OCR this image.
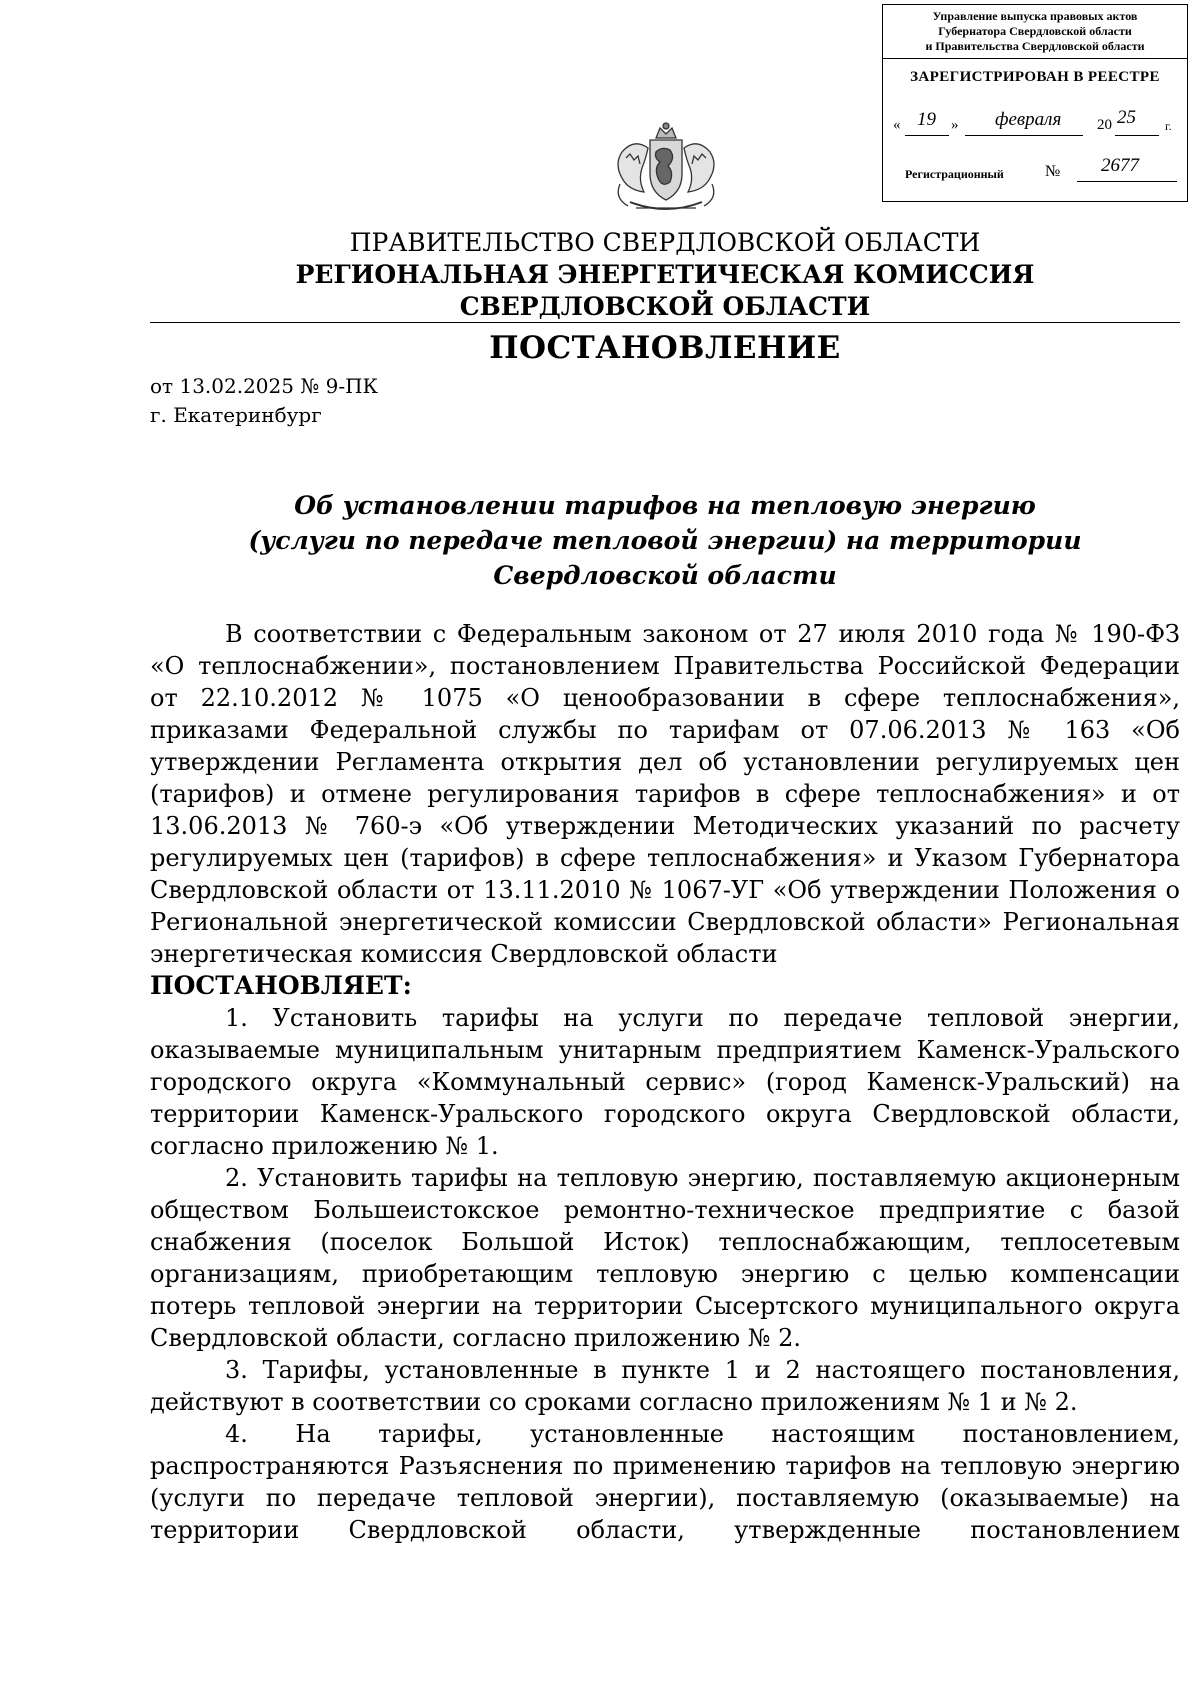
Управление выпуска правовых актов
Губернатора Свердловской области
и Правительства Свердловской области
ЗАРЕГИСТРИРОВАН В РЕЕСТРЕ
« 19 » февраля 20 25 г.
Регистрационный	№ 2677
ПРАВИТЕЛЬСТВО СВЕРДЛОВСКОЙ ОБЛАСТИ
РЕГИОНАЛЬНАЯ ЭНЕРГЕТИЧЕСКАЯ КОМИССИЯ
СВЕРДЛОВСКОЙ ОБЛАСТИ
ПОСТАНОВЛЕНИЕ
от 13.02.2025 № 9-ПК
г. Екатеринбург
Об установлении тарифов на тепловую энергию
(услуги по передаче тепловой энергии) на территории Свердловской области

В соответствии с Федеральным законом от 27 июля 2010 года № 190-ФЗ «О теплоснабжении», постановлением Правительства Российской Федерации от 22.10.2012 № 1075 «О ценообразовании в сфере теплоснабжения», приказами Федеральной службы по тарифам от 07.06.2013 № 163 «Об утверждении Регламента открытия дел об установлении регулируемых цен (тарифов) и отмене регулирования тарифов в сфере теплоснабжения» и от 13.06.2013 № 760-э «Об утверждении Методических указаний по расчету регулируемых цен (тарифов) в сфере теплоснабжения» и Указом Губернатора Свердловской области от 13.11.2010 № 1067-УГ «Об утверждении Положения о Региональной энергетической комиссии Свердловской области» Региональная энергетическая комиссия Свердловской области

ПОСТАНОВЛЯЕТ:

1. Установить тарифы на услуги по передаче тепловой энергии, оказываемые муниципальным унитарным предприятием Каменск-Уральского городского округа «Коммунальный сервис» (город Каменск-Уральский) на территории Каменск-Уральского городского округа Свердловской области, согласно приложению № 1.

2. Установить тарифы на тепловую энергию, поставляемую акционерным обществом Большеистокское ремонтно-техническое предприятие с базой снабжения (поселок Большой Исток) теплоснабжающим, теплосетевым организациям, приобретающим тепловую энергию с целью компенсации потерь тепловой энергии на территории Сысертского муниципального округа Свердловской области, согласно приложению № 2.

3. Тарифы, установленные в пункте 1 и 2 настоящего постановления, действуют в соответствии со сроками согласно приложениям № 1 и № 2.

4. На тарифы, установленные настоящим постановлением, распространяются Разъяснения по применению тарифов на тепловую энергию (услуги по передаче тепловой энергии), поставляемую (оказываемые) на территории Свердловской области, утвержденные постановлением
